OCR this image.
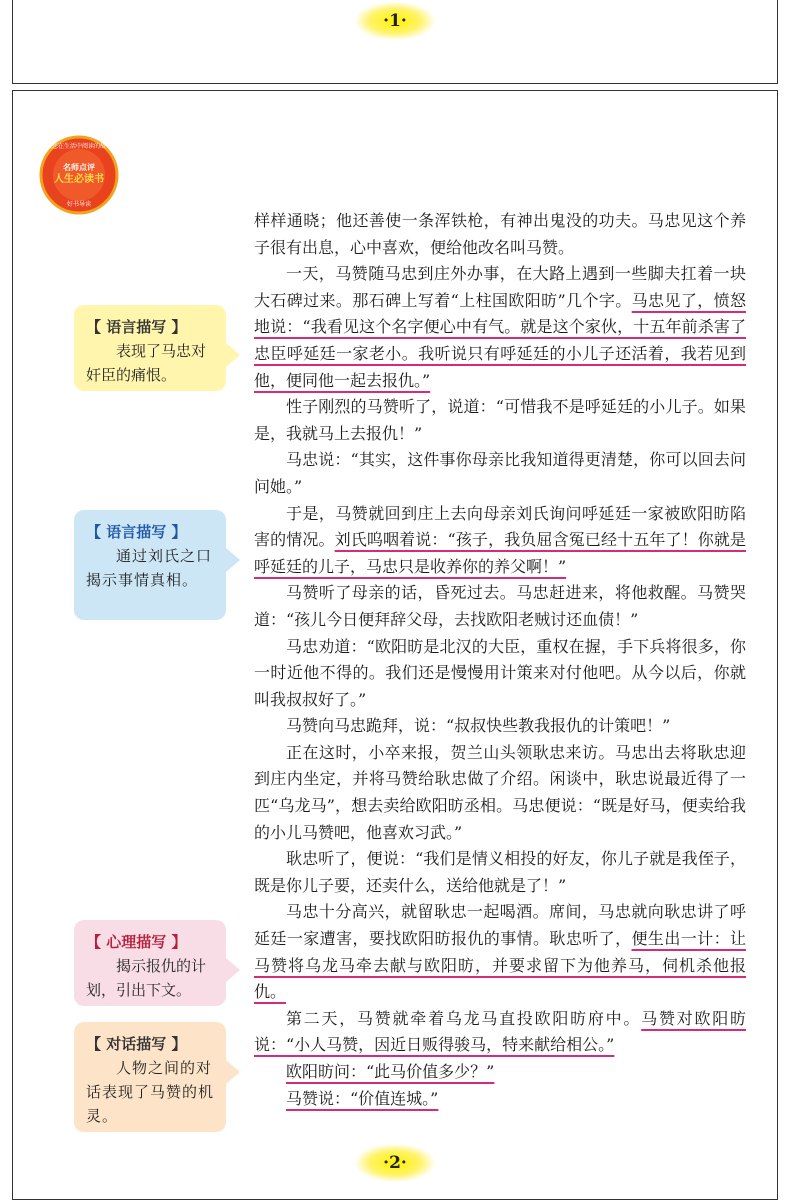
·1·
教您在生活中阅读的故事
名师点评
人生必读书
好书导读
【 语言描写 】
表现了马忠对奸臣的痛恨。
【 语言描写 】
通过刘氏之口揭示事情真相。
【 心理描写 】
揭示报仇的计划，引出下文。
【 对话描写 】
人物之间的对话表现了马赞的机灵。

样样通晓；他还善使一条浑铁枪，有神出鬼没的功夫。马忠见这个养子很有出息，心中喜欢，便给他改名叫马赞。

一天，马赞随马忠到庄外办事，在大路上遇到一些脚夫扛着一块大石碑过来。那石碑上写着“上柱国欧阳昉”几个字。马忠见了，愤怒地说：“我看见这个名字便心中有气。就是这个家伙，十五年前杀害了忠臣呼延廷一家老小。我听说只有呼延廷的小儿子还活着，我若见到他，便同他一起去报仇。”

性子刚烈的马赞听了，说道：“可惜我不是呼延廷的小儿子。如果是，我就马上去报仇！”

马忠说：“其实，这件事你母亲比我知道得更清楚，你可以回去问问她。”

于是，马赞就回到庄上去向母亲刘氏询问呼延廷一家被欧阳昉陷害的情况。刘氏呜咽着说：“孩子，我负屈含冤已经十五年了！你就是呼延廷的儿子，马忠只是收养你的养父啊！”

马赞听了母亲的话，昏死过去。马忠赶进来，将他救醒。马赞哭道：“孩儿今日便拜辞父母，去找欧阳老贼讨还血债！”

马忠劝道：“欧阳昉是北汉的大臣，重权在握，手下兵将很多，你一时近他不得的。我们还是慢慢用计策来对付他吧。从今以后，你就叫我叔叔好了。”

马赞向马忠跪拜，说：“叔叔快些教我报仇的计策吧！”

正在这时，小卒来报，贺兰山头领耿忠来访。马忠出去将耿忠迎到庄内坐定，并将马赞给耿忠做了介绍。闲谈中，耿忠说最近得了一匹“乌龙马”，想去卖给欧阳昉丞相。马忠便说：“既是好马，便卖给我的小儿马赞吧，他喜欢习武。”

耿忠听了，便说：“我们是情义相投的好友，你儿子就是我侄子，既是你儿子要，还卖什么，送给他就是了！”

马忠十分高兴，就留耿忠一起喝酒。席间，马忠就向耿忠讲了呼延廷一家遭害，要找欧阳昉报仇的事情。耿忠听了，便生出一计：让马赞将乌龙马牵去献与欧阳昉，并要求留下为他养马，伺机杀他报仇。

第二天，马赞就牵着乌龙马直投欧阳昉府中。马赞对欧阳昉说：“小人马赞，因近日贩得骏马，特来献给相公。”

欧阳昉问：“此马价值多少？”

马赞说：“价值连城。”

·2·
